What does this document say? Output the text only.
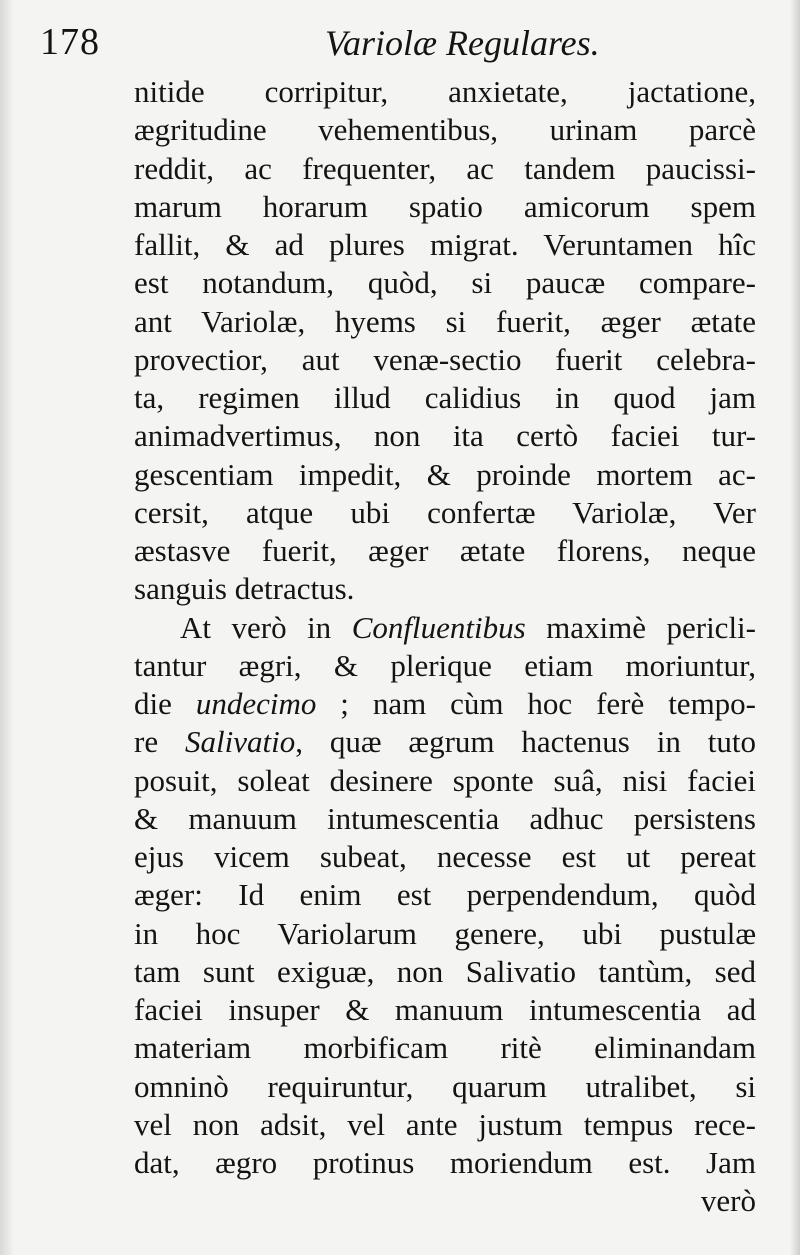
178	Variolæ Regulares.
nitide corripitur, anxietate, jactatione,
ægritudine vehementibus, urinam parcè
reddit, ac frequenter, ac tandem paucissi-
marum horarum spatio amicorum spem
fallit, & ad plures migrat. Veruntamen hîc
est notandum, quòd, si paucæ compare-
ant Variolæ, hyems si fuerit, æger ætate
provectior, aut venæ-sectio fuerit celebra-
ta, regimen illud calidius in quod jam
animadvertimus, non ita certò faciei tur-
gescentiam impedit, & proinde mortem ac-
cersit, atque ubi confertæ Variolæ, Ver
æstasve fuerit, æger ætate florens, neque
sanguis detractus.
At verò in Confluentibus maximè pericli-
tantur ægri, & plerique etiam moriuntur,
die undecimo ; nam cùm hoc ferè tempo-
re Salivatio, quæ ægrum hactenus in tuto
posuit, soleat desinere sponte suâ, nisi faciei
& manuum intumescentia adhuc persistens
ejus vicem subeat, necesse est ut pereat
æger: Id enim est perpendendum, quòd
in hoc Variolarum genere, ubi pustulæ
tam sunt exiguæ, non Salivatio tantùm, sed
faciei insuper & manuum intumescentia ad
materiam morbificam ritè eliminandam
omninò requiruntur, quarum utralibet, si
vel non adsit, vel ante justum tempus rece-
dat, ægro protinus moriendum est. Jam
verò
